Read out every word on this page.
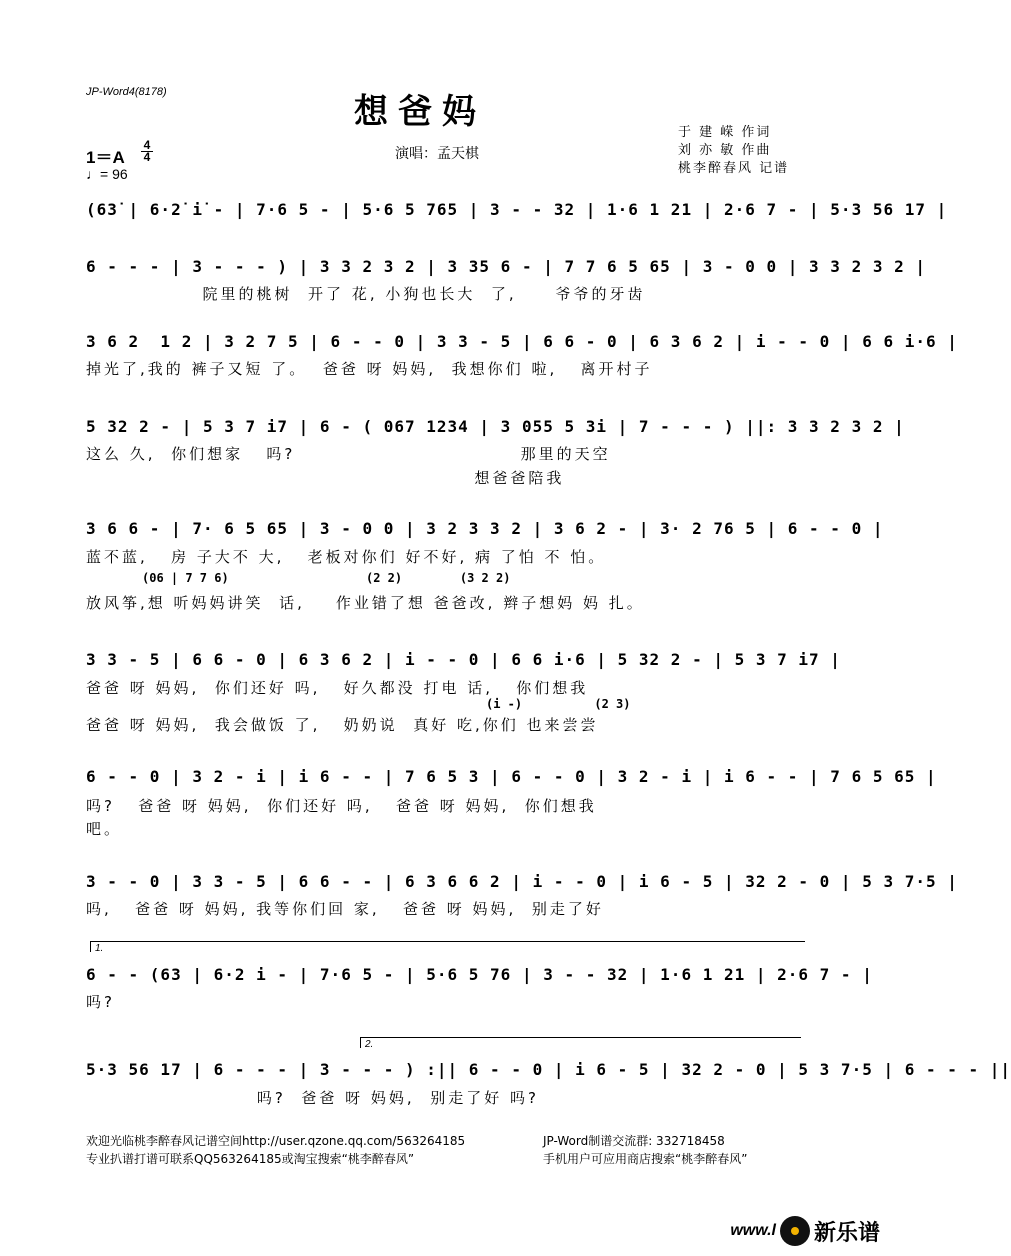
JP-Word4(8178)	想爸妈
演唱：孟天棋
于 建 嵘 作词
刘 亦 敏 作曲
桃李醉春风 记谱
1＝A
4
4
♩= 96
(63̇ | 6·2̇ i̇ - | 7·6 5 - | 5·6 5 765 | 3 - - 32 | 1·6 1 21 | 2·6 7 - | 5·3 56 17 |
6 - - - | 3 - - - ) | 3 3 2 3 2 | 3 35 6 - | 7 7 6 5 65 | 3 - 0 0 | 3 3 2 3 2 |
院里的桃树  开了 花, 小狗也长大  了,     爷爷的牙齿
3 6 2  1 2 | 3 2 7 5 | 6 - - 0 | 3 3 - 5 | 6 6 - 0 | 6 3 6 2 | i - - 0 | 6 6 i·6 |
掉光了,我的 裤子又短 了。  爸爸 呀 妈妈,  我想你们 啦,   离开村子
5 32 2 - | 5 3 7 i7 | 6 - ( 067 1234 | 3 055 5 3i | 7 - - - ) ||: 3 3 2 3 2 |
这么 久,  你们想家   吗?                             那里的天空
想爸爸陪我
3 6 6 - | 7· 6 5 65 | 3 - 0 0 | 3 2 3 3 2 | 3 6 2 - | 3· 2 76 5 | 6 - - 0 |
蓝不蓝,   房 子大不 大,   老板对你们 好不好, 病 了怕 不 怕。
(06 | 7 7 6)                   (2 2)        (3 2 2)
放风筝,想 听妈妈讲笑  话,    作业错了想 爸爸改, 辫子想妈 妈 扎。
3 3 - 5 | 6 6 - 0 | 6 3 6 2 | i - - 0 | 6 6 i·6 | 5 32 2 - | 5 3 7 i7 |
爸爸 呀 妈妈,  你们还好 吗,   好久都没 打电 话,   你们想我
(i -)          (2 3)
爸爸 呀 妈妈,  我会做饭 了,   奶奶说  真好 吃,你们 也来尝尝
6 - - 0 | 3 2 - i | i 6 - - | 7 6 5 3 | 6 - - 0 | 3 2 - i | i 6 - - | 7 6 5 65 |
吗?   爸爸 呀 妈妈,  你们还好 吗,   爸爸 呀 妈妈,  你们想我
吧。
3 - - 0 | 3 3 - 5 | 6 6 - - | 6 3 6 6 2 | i - - 0 | i 6 - 5 | 32 2 - 0 | 5 3 7·5 |
吗,   爸爸 呀 妈妈, 我等你们回 家,   爸爸 呀 妈妈,  别走了好
1.
6 - - (63 | 6·2 i - | 7·6 5 - | 5·6 5 76 | 3 - - 32 | 1·6 1 21 | 2·6 7 - |
吗?
2.
5·3 56 17 | 6 - - - | 3 - - - ) :|| 6 - - 0 | i 6 - 5 | 32 2 - 0 | 5 3 7·5 | 6 - - - ||
吗?  爸爸 呀 妈妈,  别走了好 吗?
欢迎光临桃李醉春风记谱空间http://user.qzone.qq.com/563264185	JP-Word制谱交流群: 332718458
专业扒谱打谱可联系QQ563264185或淘宝搜索“桃李醉春风”	手机用户可应用商店搜索“桃李醉春风”
www.l 新乐谱
